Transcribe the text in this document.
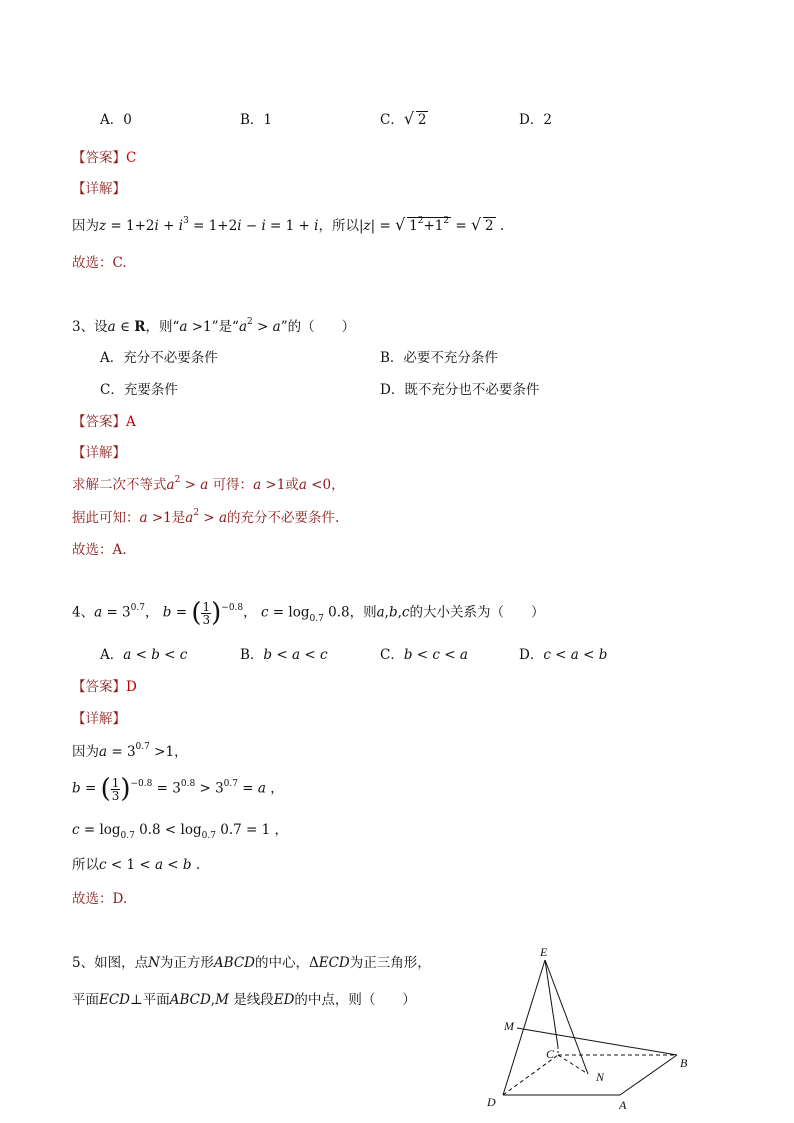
A．0	B．1	C． √ 2	D．2
【答案】C
【详解】
因为$z = 1+2i + i^3 = 1+2i - i = 1 + i$，所以|z| = √ $1^2+1^2$ = √ 2 .
故选：C.
3、设a ∈ R，则“a >1”是“$a^2 > a$”的（　　）
A．充分不必要条件	B．必要不充分条件
C．充要条件	D．既不充分也不必要条件
【答案】A
【详解】
求解二次不等式$a^2 > a$ 可得：a >1或a <0，
据此可知：a >1是$a^2 > a$的充分不必要条件.
故选：A.
4、$a = 3^{0.7}$， b = ( $\frac{1}{3} )^{-0.8}$， $c = \log_{0.7} 0.8$，则a,b,c的大小关系为（　　）
A．a < b < c	B．b < a < c	C．b < c < a	D．c < a < b
【答案】D
【详解】
因为$a = 3^{0.7} >1$，
b = ( $\frac{1}{3} )^{-0.8} = 3^{0.8} > 3^{0.7} = a$ ，
$c = \log_{0.7} 0.8 < \log_{0.7} 0.7 = 1$ ，
所以c < 1 < a < b .
故选：D.
5、如图，点N为正方形ABCD的中心，ΔECD为正三角形，
平面ECD⊥平面ABCD,M 是线段ED的中点，则（　　）
E
M
C
B
N
D	A
